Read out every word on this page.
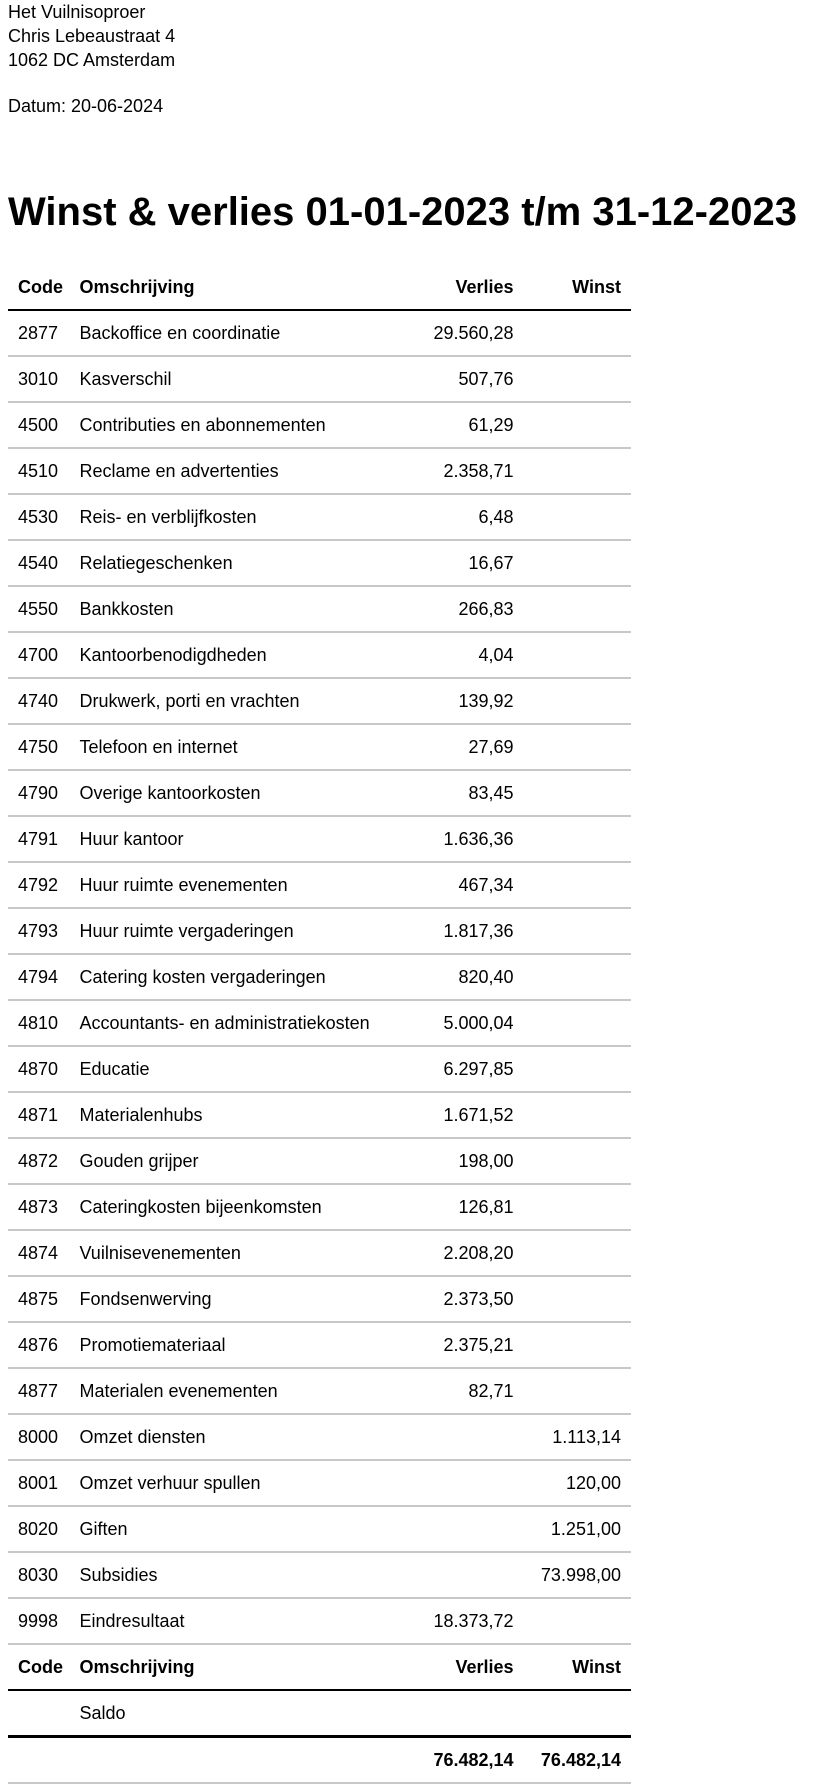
Het Vuilnisoproer
Chris Lebeaustraat 4
1062 DC Amsterdam
Datum: 20-06-2024
Winst & verlies 01-01-2023 t/m 31-12-2023
Code	Omschrijving	Verlies	Winst
2877	Backoffice en coordinatie	29.560,28	
3010	Kasverschil	507,76	
4500	Contributies en abonnementen	61,29	
4510	Reclame en advertenties	2.358,71	
4530	Reis- en verblijfkosten	6,48	
4540	Relatiegeschenken	16,67	
4550	Bankkosten	266,83	
4700	Kantoorbenodigdheden	4,04	
4740	Drukwerk, porti en vrachten	139,92	
4750	Telefoon en internet	27,69	
4790	Overige kantoorkosten	83,45	
4791	Huur kantoor	1.636,36	
4792	Huur ruimte evenementen	467,34	
4793	Huur ruimte vergaderingen	1.817,36	
4794	Catering kosten vergaderingen	820,40	
4810	Accountants- en administratiekosten	5.000,04	
4870	Educatie	6.297,85	
4871	Materialenhubs	1.671,52	
4872	Gouden grijper	198,00	
4873	Cateringkosten bijeenkomsten	126,81	
4874	Vuilnisevenementen	2.208,20	
4875	Fondsenwerving	2.373,50	
4876	Promotiemateriaal	2.375,21	
4877	Materialen evenementen	82,71	
8000	Omzet diensten		1.113,14
8001	Omzet verhuur spullen		120,00
8020	Giften		1.251,00
8030	Subsidies		73.998,00
9998	Eindresultaat	18.373,72	
Code	Omschrijving	Verlies	Winst
	Saldo		
		76.482,14	76.482,14
